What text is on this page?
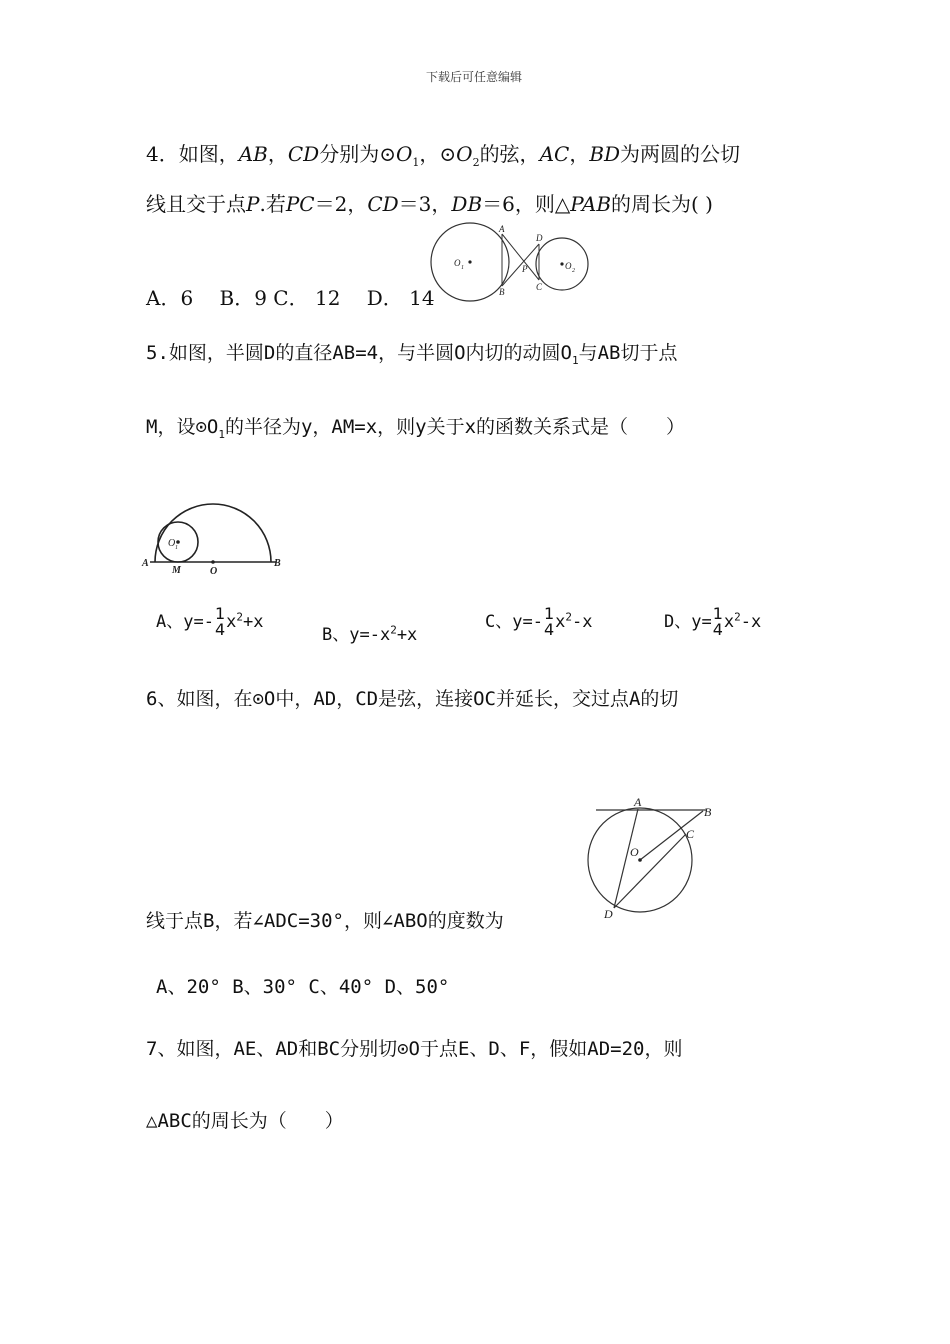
下载后可任意编辑
4．如图，AB，CD分别为$⊙O_1$，$⊙O_2$的弦，AC，BD为两圆的公切
线且交于点P.若PC＝2，CD＝3，DB＝6，则△PAB的周长为( )
A．6　 B．9 C． 12　 D． 14
A
B
D
C
P
O 1	O 2
5.如图，半圆D的直径AB=4，与半圆O内切的动圆$O_1$与AB切于点
M，设$⊙O_1$的半径为y，AM=x，则y关于x的函数关系式是（　　）
O 1
A
M	O
B
A、y=- 1
4 $x^2+x$
B、$y=-x^2+x$
C、y=- 1
4 $x^2-x$	D、y= 1
4 $x^2-x$
6、如图，在⊙O中，AD，CD是弦，连接OC并延长，交过点A的切
线于点B，若∠ADC=30°，则∠ABO的度数为
A
B
C
O
D
A、20° B、30° C、40° D、50°
7、如图，AE、AD和BC分别切⊙O于点E、D、F，假如AD=20，则
△ABC的周长为（　　）
